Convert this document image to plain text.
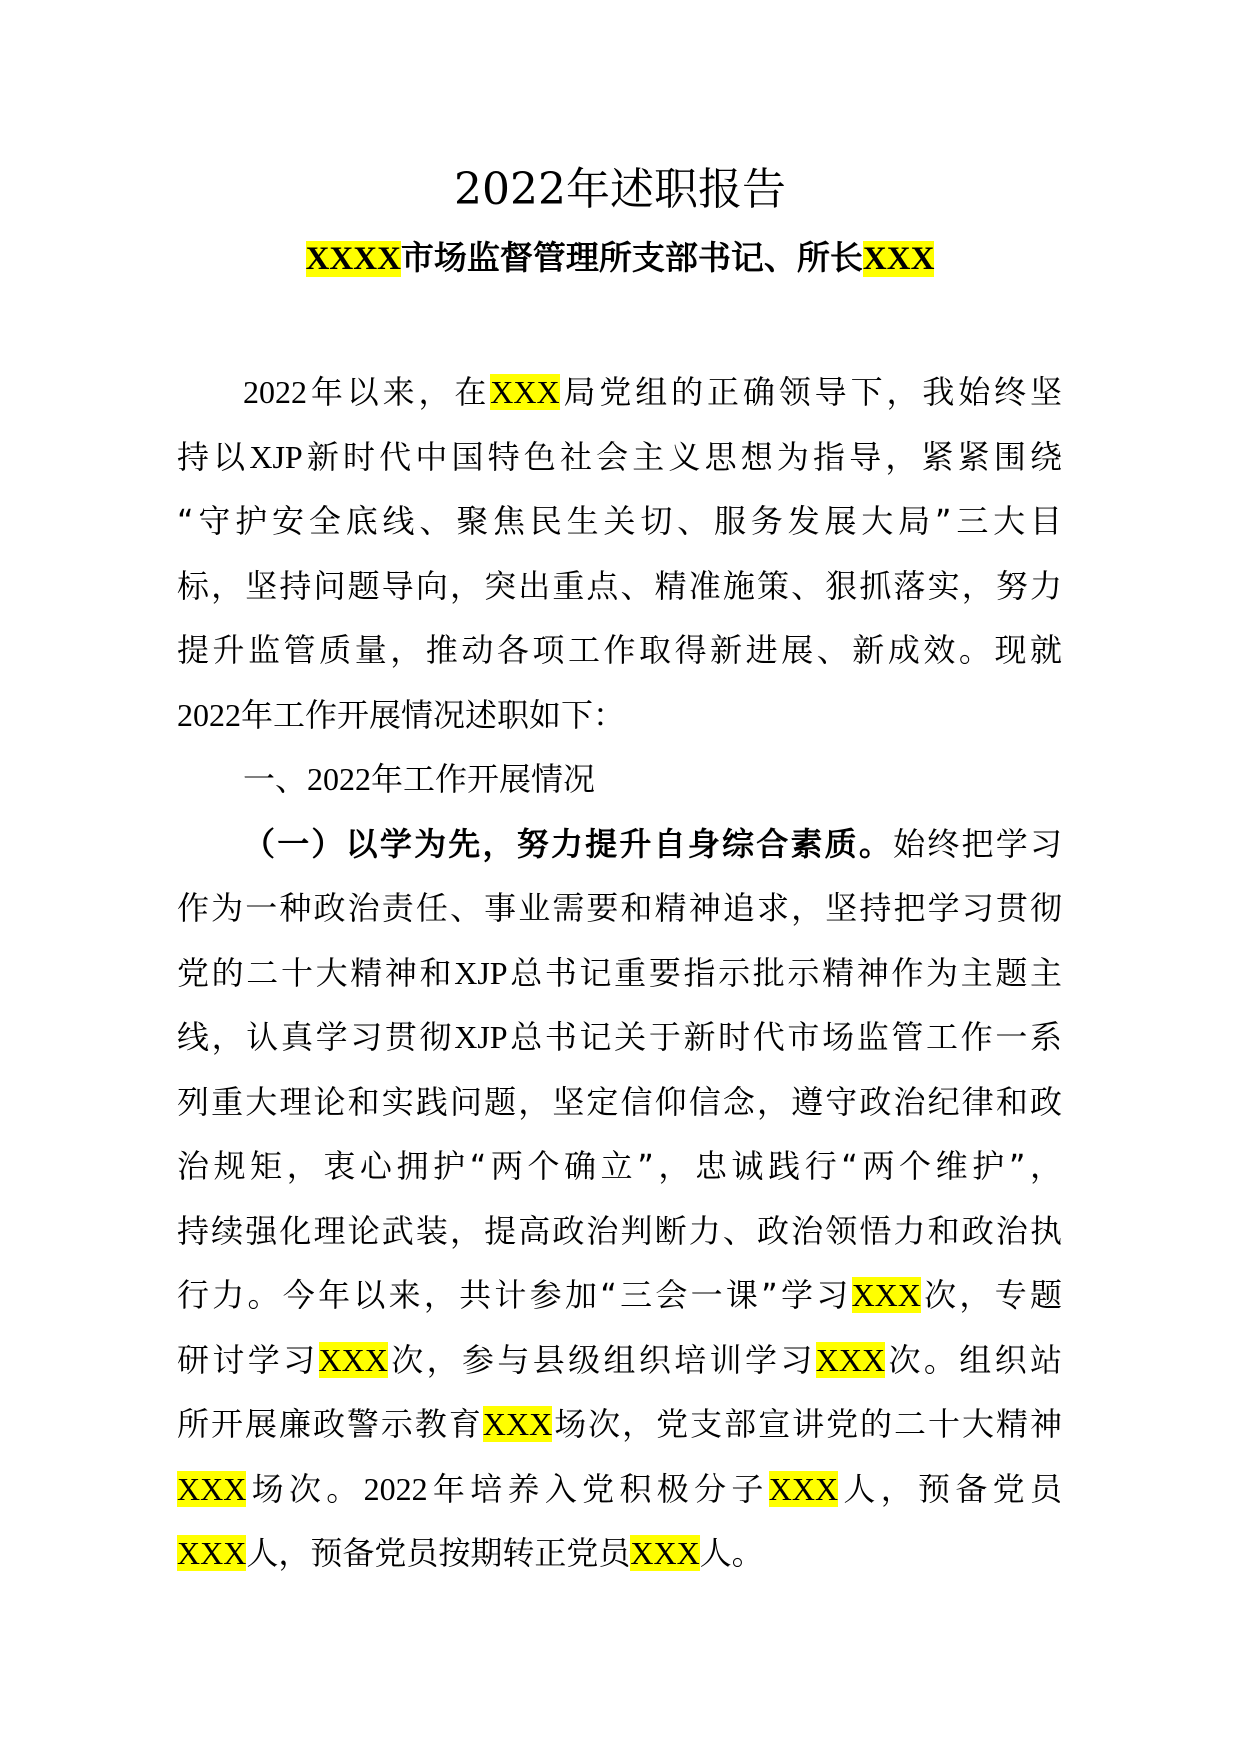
2022年述职报告
XXXX市场监督管理所支部书记、所长XXX
2022年以来，在XXX局党组的正确领导下，我始终坚
持以XJP新时代中国特色社会主义思想为指导，紧紧围绕
“守护安全底线、聚焦民生关切、服务发展大局”三大目
标，坚持问题导向，突出重点、精准施策、狠抓落实，努力
提升监管质量，推动各项工作取得新进展、新成效。现就
2022年工作开展情况述职如下：
一、2022年工作开展情况
（一）以学为先，努力提升自身综合素质。始终把学习
作为一种政治责任、事业需要和精神追求，坚持把学习贯彻
党的二十大精神和XJP总书记重要指示批示精神作为主题主
线，认真学习贯彻XJP总书记关于新时代市场监管工作一系
列重大理论和实践问题，坚定信仰信念，遵守政治纪律和政
治规矩，衷心拥护“两个确立”，忠诚践行“两个维护”，
持续强化理论武装，提高政治判断力、政治领悟力和政治执
行力。今年以来，共计参加“三会一课”学习XXX次，专题
研讨学习XXX次，参与县级组织培训学习XXX次。组织站
所开展廉政警示教育XXX场次，党支部宣讲党的二十大精神
XXX场次。2022年培养入党积极分子XXX人，预备党员
XXX人，预备党员按期转正党员XXX人。
